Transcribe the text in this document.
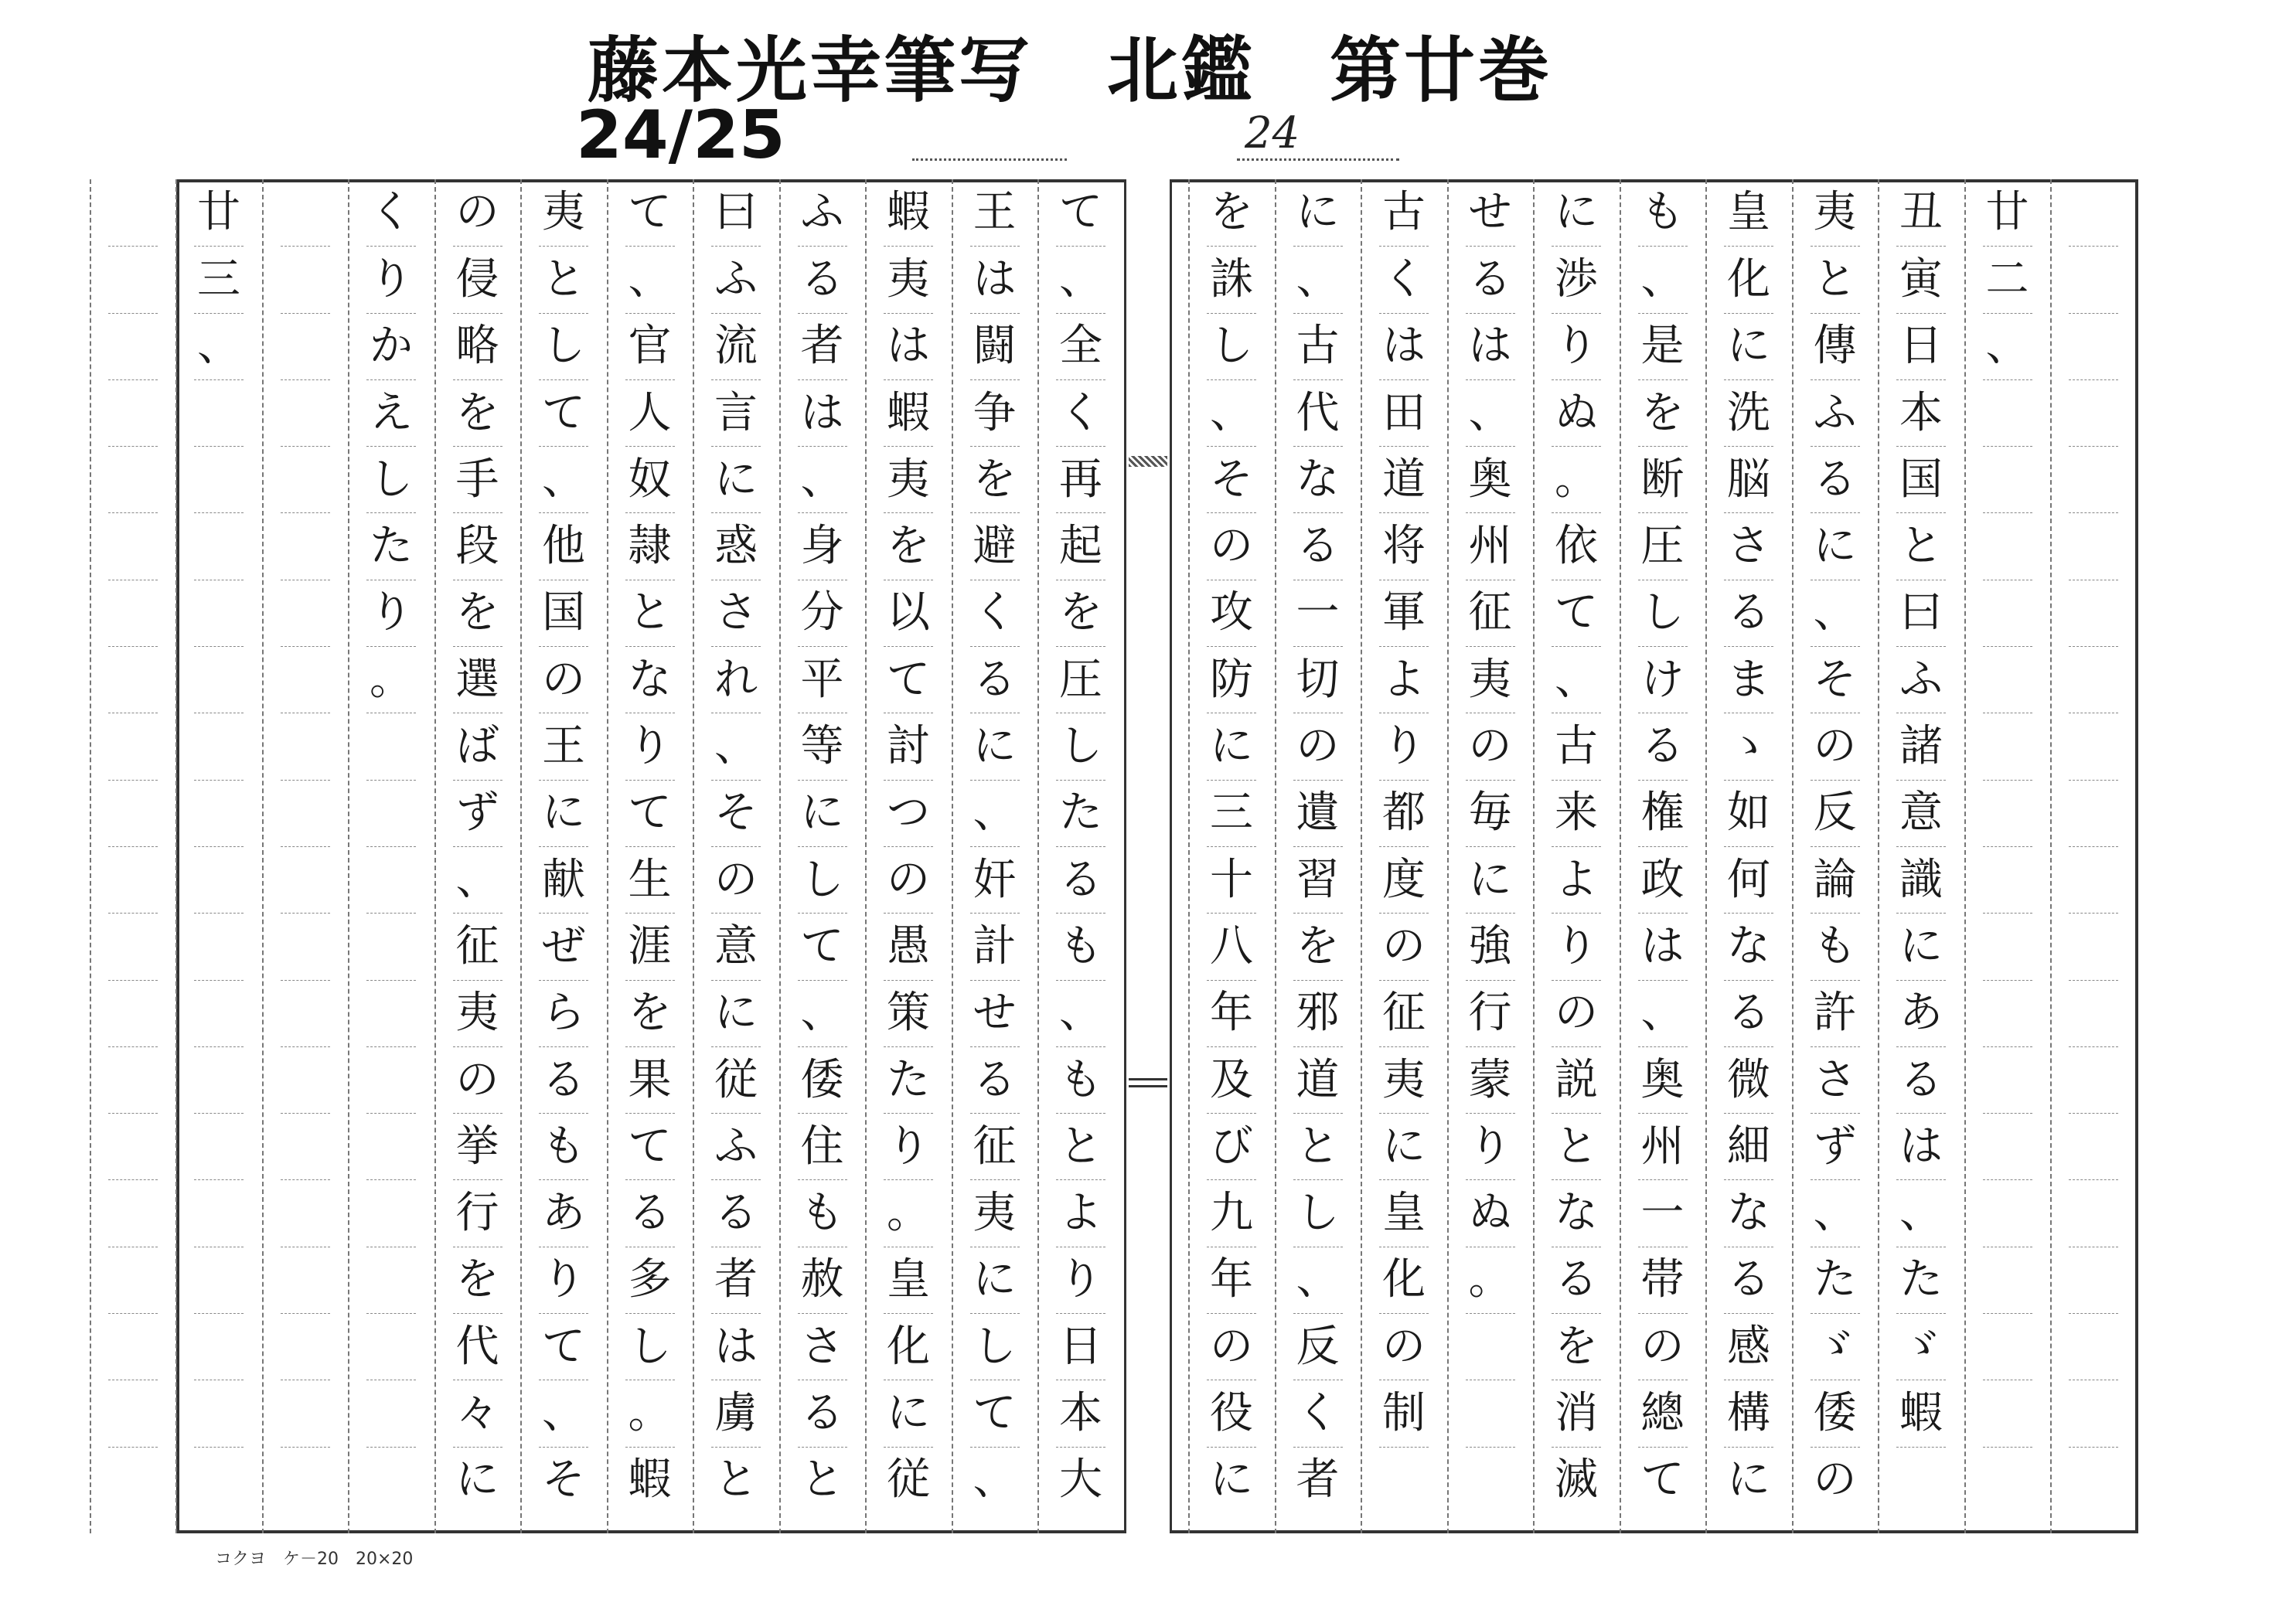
藤本光幸筆写　北鑑　第廿巻
24/25	24
廿
二
、
丑
寅
日
本
国
と
曰
ふ
諸
意
識
に
あ
る
は
、
た
ゞ
蝦
夷
と
傳
ふ
る
に
、
そ
の
反
論
も
許
さ
ず
、
た
ゞ
倭
の
皇
化
に
洗
脳
さ
る
ま
ゝ
如
何
な
る
微
細
な
る
感
構
に
も
、
是
を
断
圧
し
け
る
権
政
は
、
奥
州
一
帯
の
總
て
に
渉
り
ぬ
。
依
て
、
古
来
よ
り
の
説
と
な
る
を
消
滅
せ
る
は
、
奥
州
征
夷
の
毎
に
強
行
蒙
り
ぬ
。
古
く
は
田
道
将
軍
よ
り
都
度
の
征
夷
に
皇
化
の
制
に
、
古
代
な
る
一
切
の
遺
習
を
邪
道
と
し
、
反
く
者
を
誅
し
、
そ
の
攻
防
に
三
十
八
年
及
び
九
年
の
役
に
て
、
全
く
再
起
を
圧
し
た
る
も
、
も
と
よ
り
日
本
大
王
は
闘
争
を
避
く
る
に
、
奸
計
せ
る
征
夷
に
し
て
、
蝦
夷
は
蝦
夷
を
以
て
討
つ
の
愚
策
た
り
。
皇
化
に
従
ふ
る
者
は
、
身
分
平
等
に
し
て
、
倭
住
も
赦
さ
る
と
曰
ふ
流
言
に
惑
さ
れ
、
そ
の
意
に
従
ふ
る
者
は
虜
と
て
、
官
人
奴
隷
と
な
り
て
生
涯
を
果
て
る
多
し
。
蝦
夷
と
し
て
、
他
国
の
王
に
献
ぜ
ら
る
も
あ
り
て
、
そ
の
侵
略
を
手
段
を
選
ば
ず
、
征
夷
の
挙
行
を
代
々
に
く
り
か
え
し
た
り
。
廿
三
、
コクヨ　ケ－20　20×20
